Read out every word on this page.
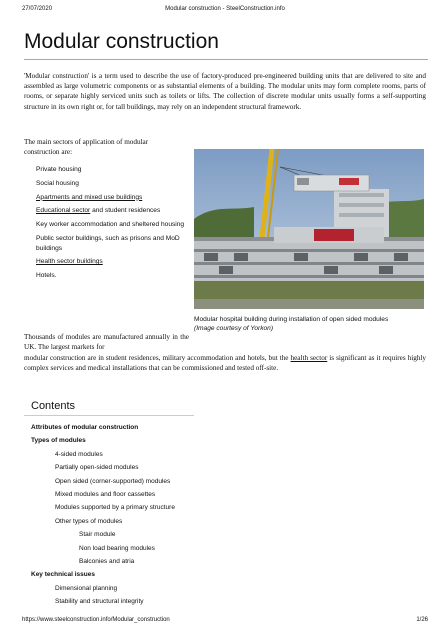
27/07/2020	Modular construction - SteelConstruction.info
Modular construction

'Modular construction' is a term used to describe the use of factory-produced pre-engineered building units that are delivered to site and assembled as large volumetric components or as substantial elements of a building. The modular units may form complete rooms, parts of rooms, or separate highly serviced units such as toilets or lifts. The collection of discrete modular units usually forms a self-supporting structure in its own right or, for tall buildings, may rely on an independent structural framework.

The main sectors of application of modular construction are:

Private housing
Social housing
Apartments and mixed use buildings
Educational sector and student residences
Key worker accommodation and sheltered housing
Public sector buildings, such as prisons and MoD buildings
Health sector buildings
Hotels.
Modular hospital building during installation of open sided modules
(Image courtesy of Yorkon)

Thousands of modules are manufactured annually in the UK. The largest markets for

modular construction are in student residences, military accommodation and hotels, but the health sector is significant as it requires highly complex services and medical installations that can be commissioned and tested off-site.

Contents
Attributes of modular construction
Types of modules
4-sided modules
Partially open-sided modules
Open sided (corner-supported) modules
Mixed modules and floor cassettes
Modules supported by a primary structure
Other types of modules
Stair module
Non load bearing modules
Balconies and atria
Key technical issues
Dimensional planning
Stability and structural integrity
https://www.steelconstruction.info/Modular_construction	1/26
